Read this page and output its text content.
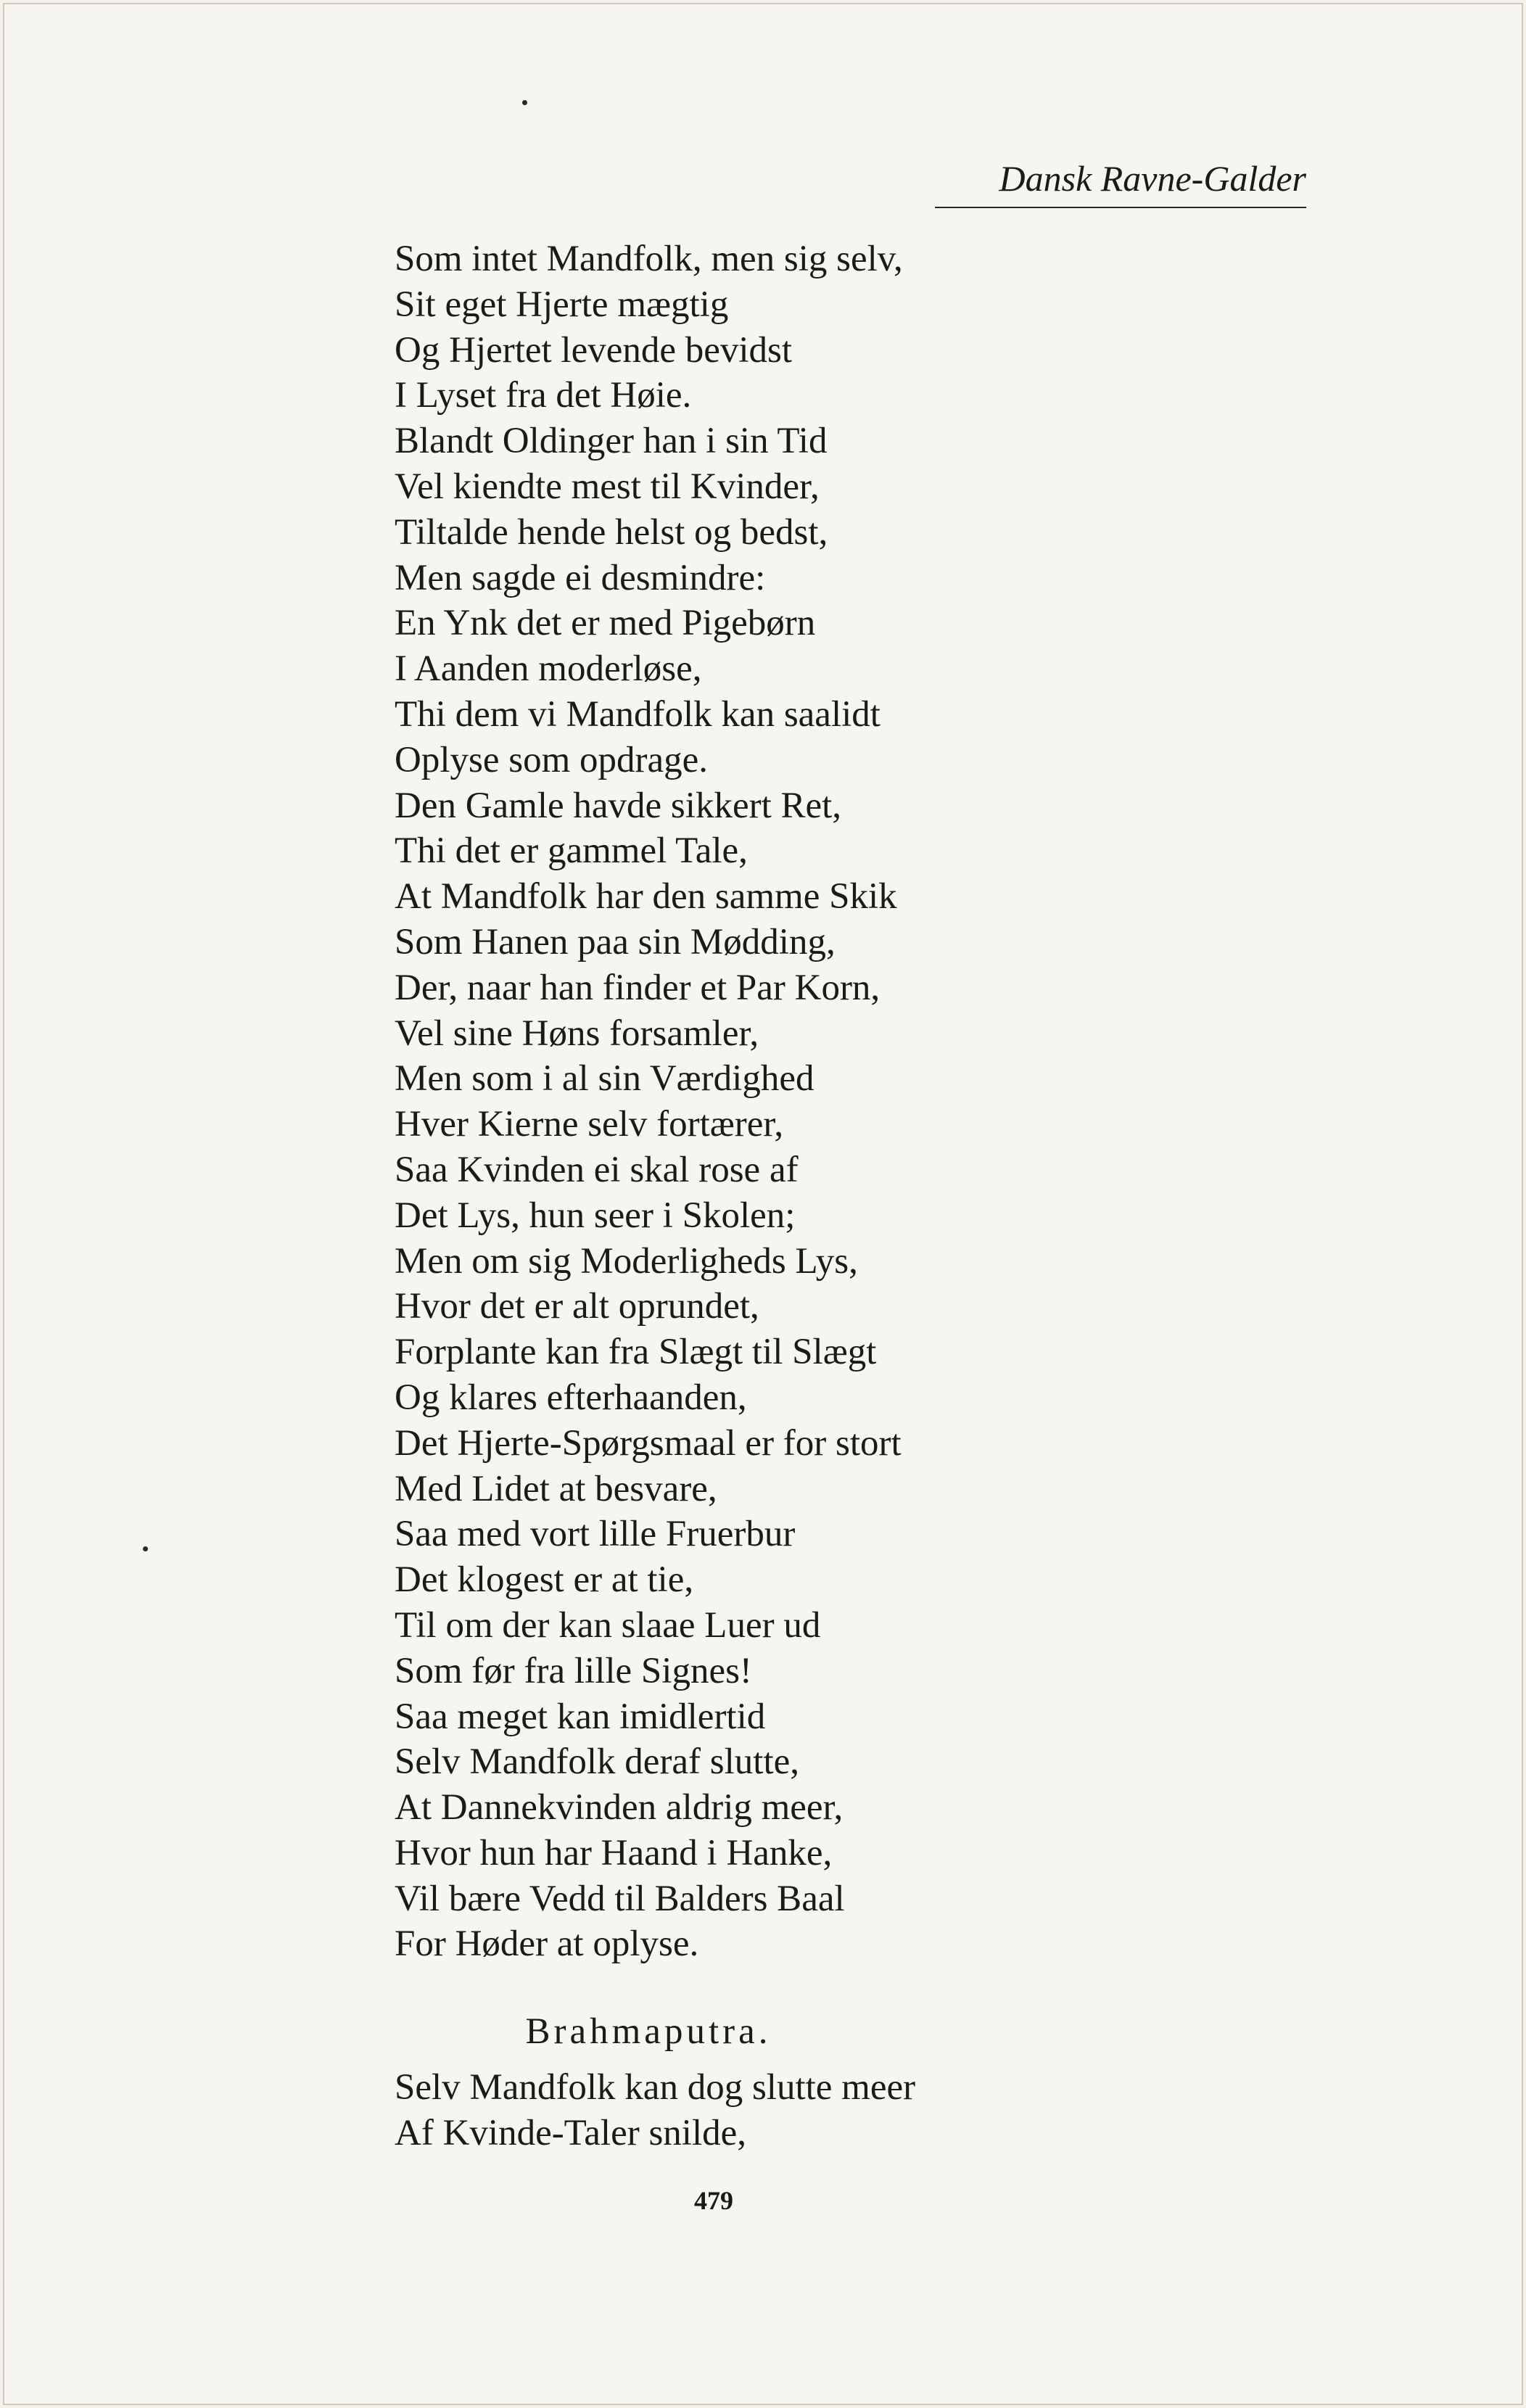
Dansk Ravne-Galder
Som intet Mandfolk, men sig selv,
Sit eget Hjerte mægtig
Og Hjertet levende bevidst
I Lyset fra det Høie.
Blandt Oldinger han i sin Tid
Vel kiendte mest til Kvinder,
Tiltalde hende helst og bedst,
Men sagde ei desmindre:
En Ynk det er med Pigebørn
I Aanden moderløse,
Thi dem vi Mandfolk kan saalidt
Oplyse som opdrage.
Den Gamle havde sikkert Ret,
Thi det er gammel Tale,
At Mandfolk har den samme Skik
Som Hanen paa sin Mødding,
Der, naar han finder et Par Korn,
Vel sine Høns forsamler,
Men som i al sin Værdighed
Hver Kierne selv fortærer,
Saa Kvinden ei skal rose af
Det Lys, hun seer i Skolen;
Men om sig Moderligheds Lys,
Hvor det er alt oprundet,
Forplante kan fra Slægt til Slægt
Og klares efterhaanden,
Det Hjerte-Spørgsmaal er for stort
Med Lidet at besvare,
Saa med vort lille Fruerbur
Det klogest er at tie,
Til om der kan slaae Luer ud
Som før fra lille Signes!
Saa meget kan imidlertid
Selv Mandfolk deraf slutte,
At Dannekvinden aldrig meer,
Hvor hun har Haand i Hanke,
Vil bære Vedd til Balders Baal
For Høder at oplyse.
Brahmaputra.
Selv Mandfolk kan dog slutte meer
Af Kvinde-Taler snilde,
479
